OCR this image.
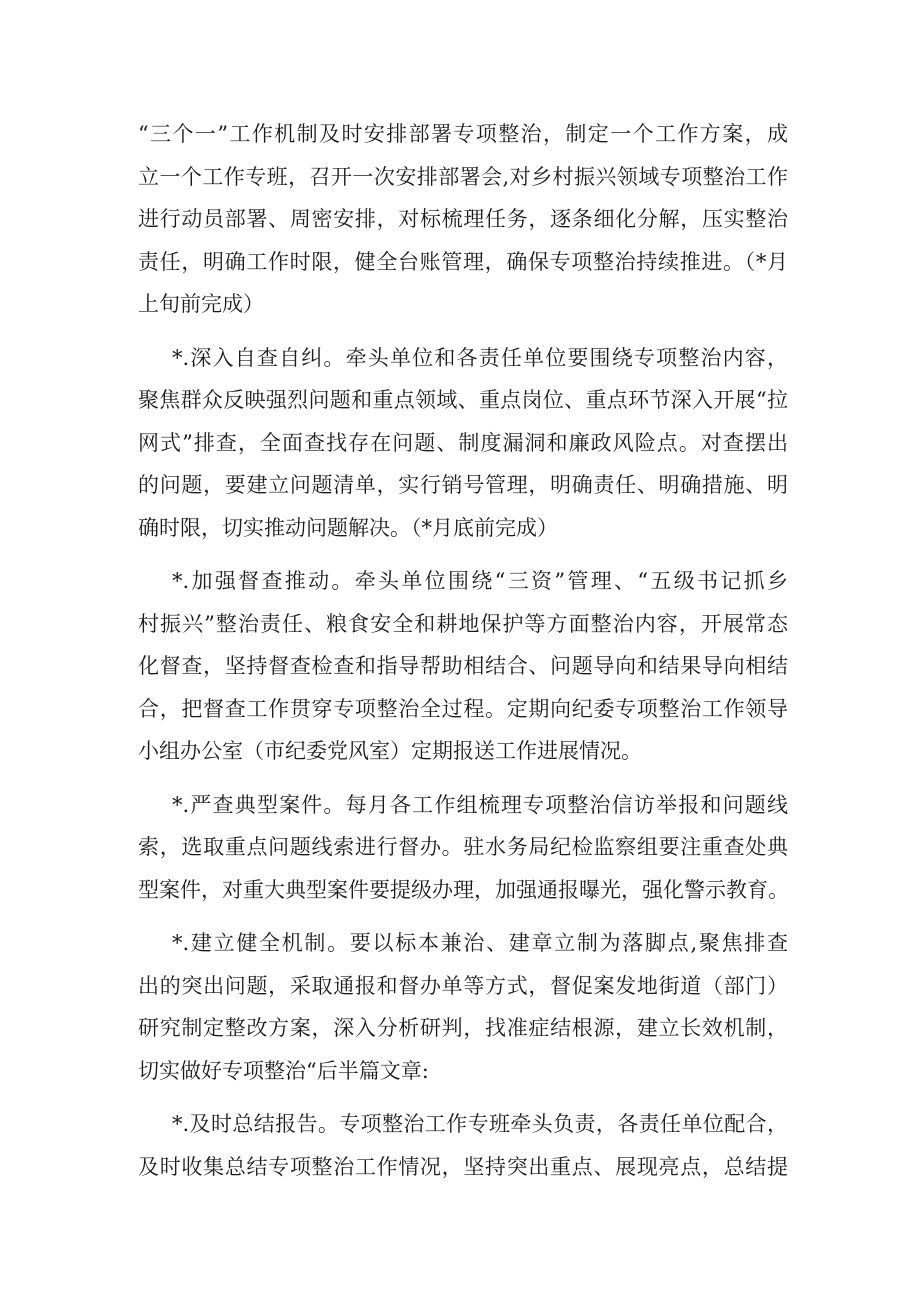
“三个一”工作机制及时安排部署专项整治，制定一个工作方案，成
立一个工作专班，召开一次安排部署会,对乡村振兴领域专项整治工作
进行动员部署、周密安排，对标梳理任务，逐条细化分解，压实整治
责任，明确工作时限，健全台账管理，确保专项整治持续推进。（*月
上旬前完成）
*.深入自查自纠。牵头单位和各责任单位要围绕专项整治内容，
聚焦群众反映强烈问题和重点领域、重点岗位、重点环节深入开展“拉
网式”排查，全面查找存在问题、制度漏洞和廉政风险点。对查摆出
的问题，要建立问题清单，实行销号管理，明确责任、明确措施、明
确时限，切实推动问题解决。（*月底前完成）
*.加强督查推动。牵头单位围绕“三资”管理、“五级书记抓乡
村振兴”整治责任、粮食安全和耕地保护等方面整治内容，开展常态
化督查，坚持督查检查和指导帮助相结合、问题导向和结果导向相结
合，把督查工作贯穿专项整治全过程。定期向纪委专项整治工作领导
小组办公室（市纪委党风室）定期报送工作进展情况。
*.严查典型案件。每月各工作组梳理专项整治信访举报和问题线
索，选取重点问题线索进行督办。驻水务局纪检监察组要注重查处典
型案件，对重大典型案件要提级办理，加强通报曝光，强化警示教育。
*.建立健全机制。要以标本兼治、建章立制为落脚点,聚焦排查
出的突出问题，采取通报和督办单等方式，督促案发地街道（部门）
研究制定整改方案，深入分析研判，找准症结根源，建立长效机制，
切实做好专项整治“后半篇文章:
*.及时总结报告。专项整治工作专班牵头负责，各责任单位配合，
及时收集总结专项整治工作情况，坚持突出重点、展现亮点，总结提
